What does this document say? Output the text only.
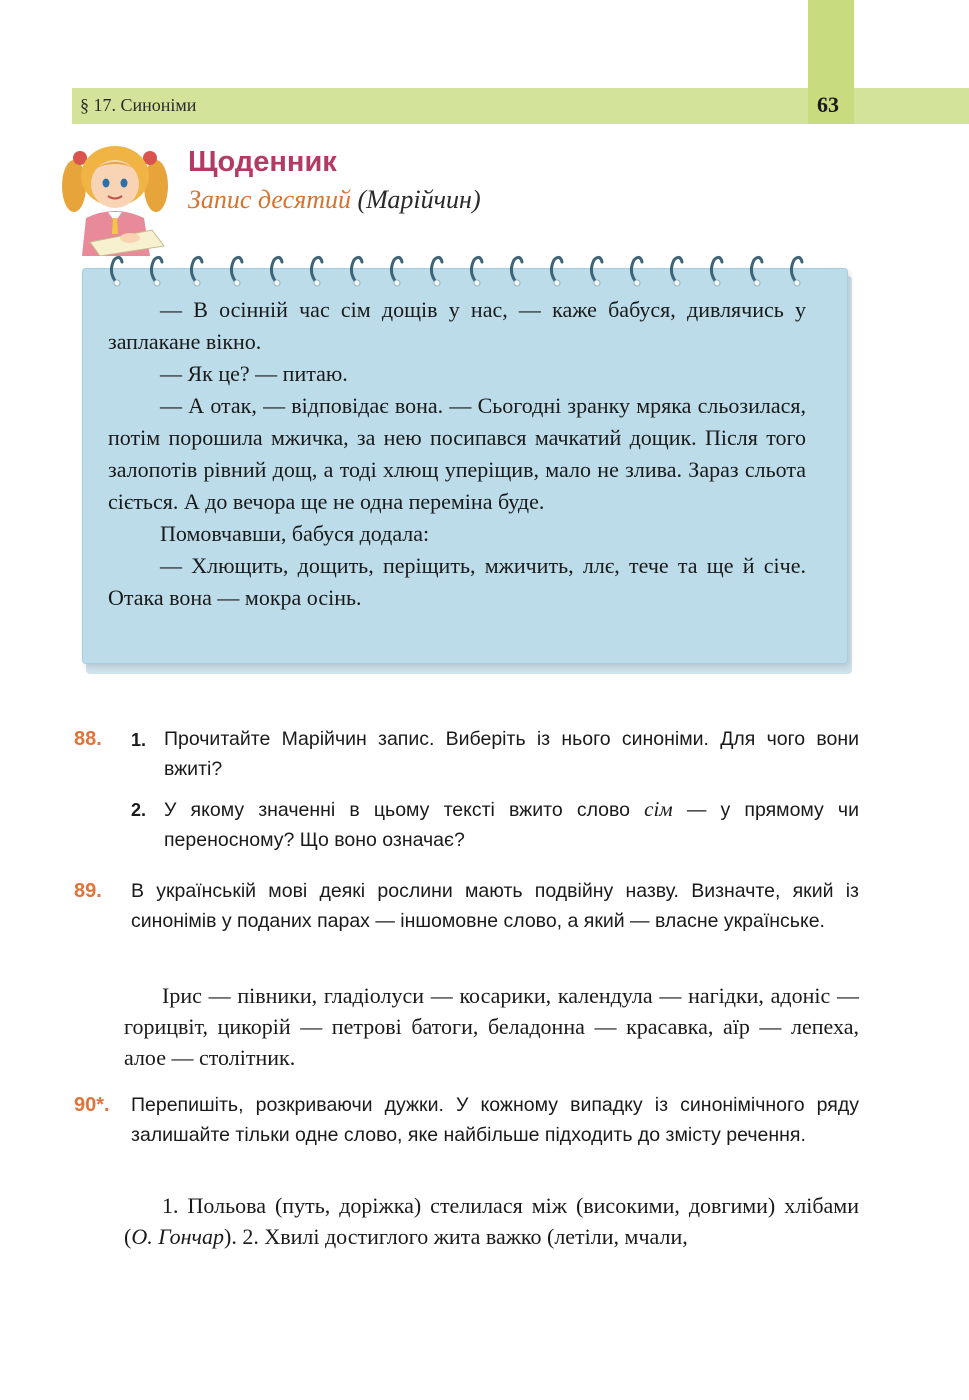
§ 17. Синоніми	63
Щоденник
Запис десятий (Марійчин)

— В осінній час сім дощів у нас, — каже бабуся, дивлячись у заплакане вікно.

— Як це? — питаю.

— А отак, — відповідає вона. — Сьогодні зранку мряка сльозилася, потім порошила мжичка, за нею посипався мачкатий дощик. Після того залопотів рівний дощ, а тоді хлющ уперіщив, мало не злива. Зараз сльота сіється. А до вечора ще не одна переміна буде.

Помовчавши, бабуся додала:

— Хлющить, дощить, періщить, мжичить, ллє, тече та ще й січе. Отака вона — мокра осінь.

88. 1. Прочитайте Марійчин запис. Виберіть із нього синоніми. Для чого вони вжиті?
2. У якому значенні в цьому тексті вжито слово сім — у прямому чи переносному? Що воно означає?
89. В українській мові деякі рослини мають подвійну назву. Визначте, який із синонімів у поданих парах — іншомовне слово, а який — власне українське.
Ірис — півники, гладіолуси — косарики, календула — нагідки, адоніс — горицвіт, цикорій — петрові батоги, беладонна — красавка, аїр — лепеха, алое — столітник.
90*. Перепишіть, розкриваючи дужки. У кожному випадку із синонімічного ряду залишайте тільки одне слово, яке найбільше підходить до змісту речення.
1. Польова (путь, доріжка) стелилася між (високими, довгими) хлібами (О. Гончар). 2. Хвилі достиглого жита важко (летіли, мчали,
